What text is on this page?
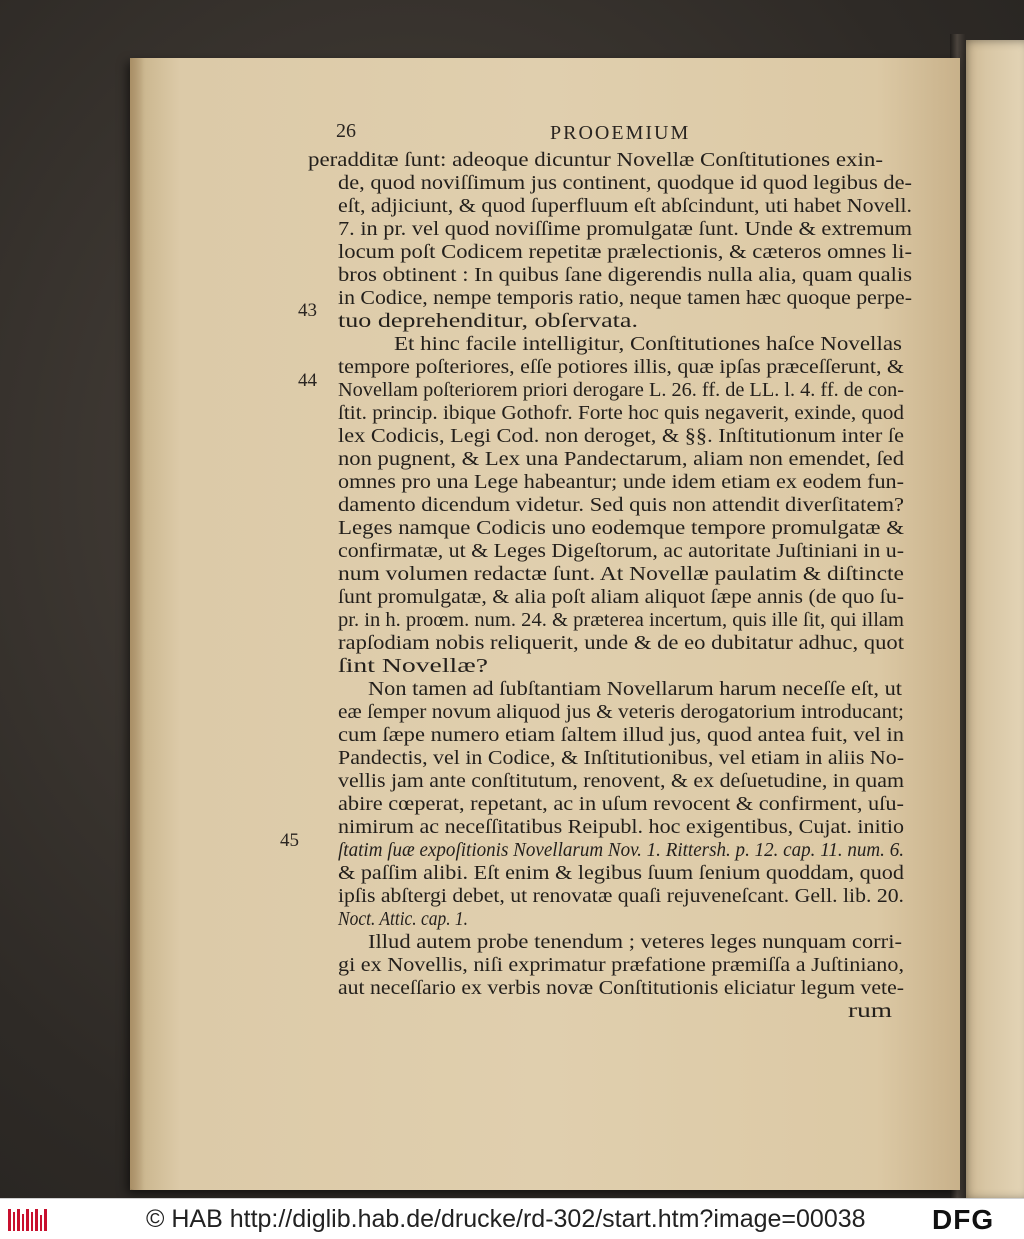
26	PROOEMIUM
peradditæ ſunt: adeoque dicuntur Novellæ Conſtitutiones exin-
de, quod noviſſimum jus continent, quodque id quod legibus de-
eſt, adjiciunt, & quod ſuperfluum eſt abſcindunt, uti habet Novell.
7. in pr. vel quod noviſſime promulgatæ ſunt. Unde & extremum
locum poſt Codicem repetitæ prælectionis, & cæteros omnes li-
bros obtinent : In quibus ſane digerendis nulla alia, quam qualis
in Codice, nempe temporis ratio, neque tamen hæc quoque perpe-
tuo deprehenditur, obſervata.
Et hinc facile intelligitur, Conſtitutiones haſce Novellas
tempore poſteriores, eſſe potiores illis, quæ ipſas præceſſerunt, &
Novellam poſteriorem priori derogare L. 26. ff. de LL. l. 4. ff. de con-
ſtit. princip. ibique Gothofr. Forte hoc quis negaverit, exinde, quod
lex Codicis, Legi Cod. non deroget, & §§. Inſtitutionum inter ſe
non pugnent, & Lex una Pandectarum, aliam non emendet, ſed
omnes pro una Lege habeantur; unde idem etiam ex eodem fun-
damento dicendum videtur. Sed quis non attendit diverſitatem?
Leges namque Codicis uno eodemque tempore promulgatæ &
confirmatæ, ut & Leges Digeſtorum, ac autoritate Juſtiniani in u-
num volumen redactæ ſunt. At Novellæ paulatim & diſtincte
ſunt promulgatæ, & alia poſt aliam aliquot ſæpe annis (de quo ſu-
pr. in h. proœm. num. 24. & præterea incertum, quis ille ſit, qui illam
rapſodiam nobis reliquerit, unde & de eo dubitatur adhuc, quot
ſint Novellæ?
Non tamen ad ſubſtantiam Novellarum harum neceſſe eſt, ut
eæ ſemper novum aliquod jus & veteris derogatorium introducant;
cum ſæpe numero etiam ſaltem illud jus, quod antea fuit, vel in
Pandectis, vel in Codice, & Inſtitutionibus, vel etiam in aliis No-
vellis jam ante conſtitutum, renovent, & ex deſuetudine, in quam
abire cœperat, repetant, ac in uſum revocent & confirment, uſu-
nimirum ac neceſſitatibus Reipubl. hoc exigentibus, Cujat. initio
ſtatim ſuæ expoſitionis Novellarum Nov. 1. Rittersh. p. 12. cap. 11. num. 6.
& paſſim alibi. Eſt enim & legibus ſuum ſenium quoddam, quod
ipſis abſtergi debet, ut renovatæ quaſi rejuveneſcant. Gell. lib. 20.
Noct. Attic. cap. 1.
Illud autem probe tenendum ; veteres leges nunquam corri-
gi ex Novellis, niſi exprimatur præfatione præmiſſa a Juſtiniano,
aut neceſſario ex verbis novæ Conſtitutionis eliciatur legum vete-
rum
43
44
45
© HAB http://diglib.hab.de/drucke/rd-302/start.htm?image=00038 DFG
